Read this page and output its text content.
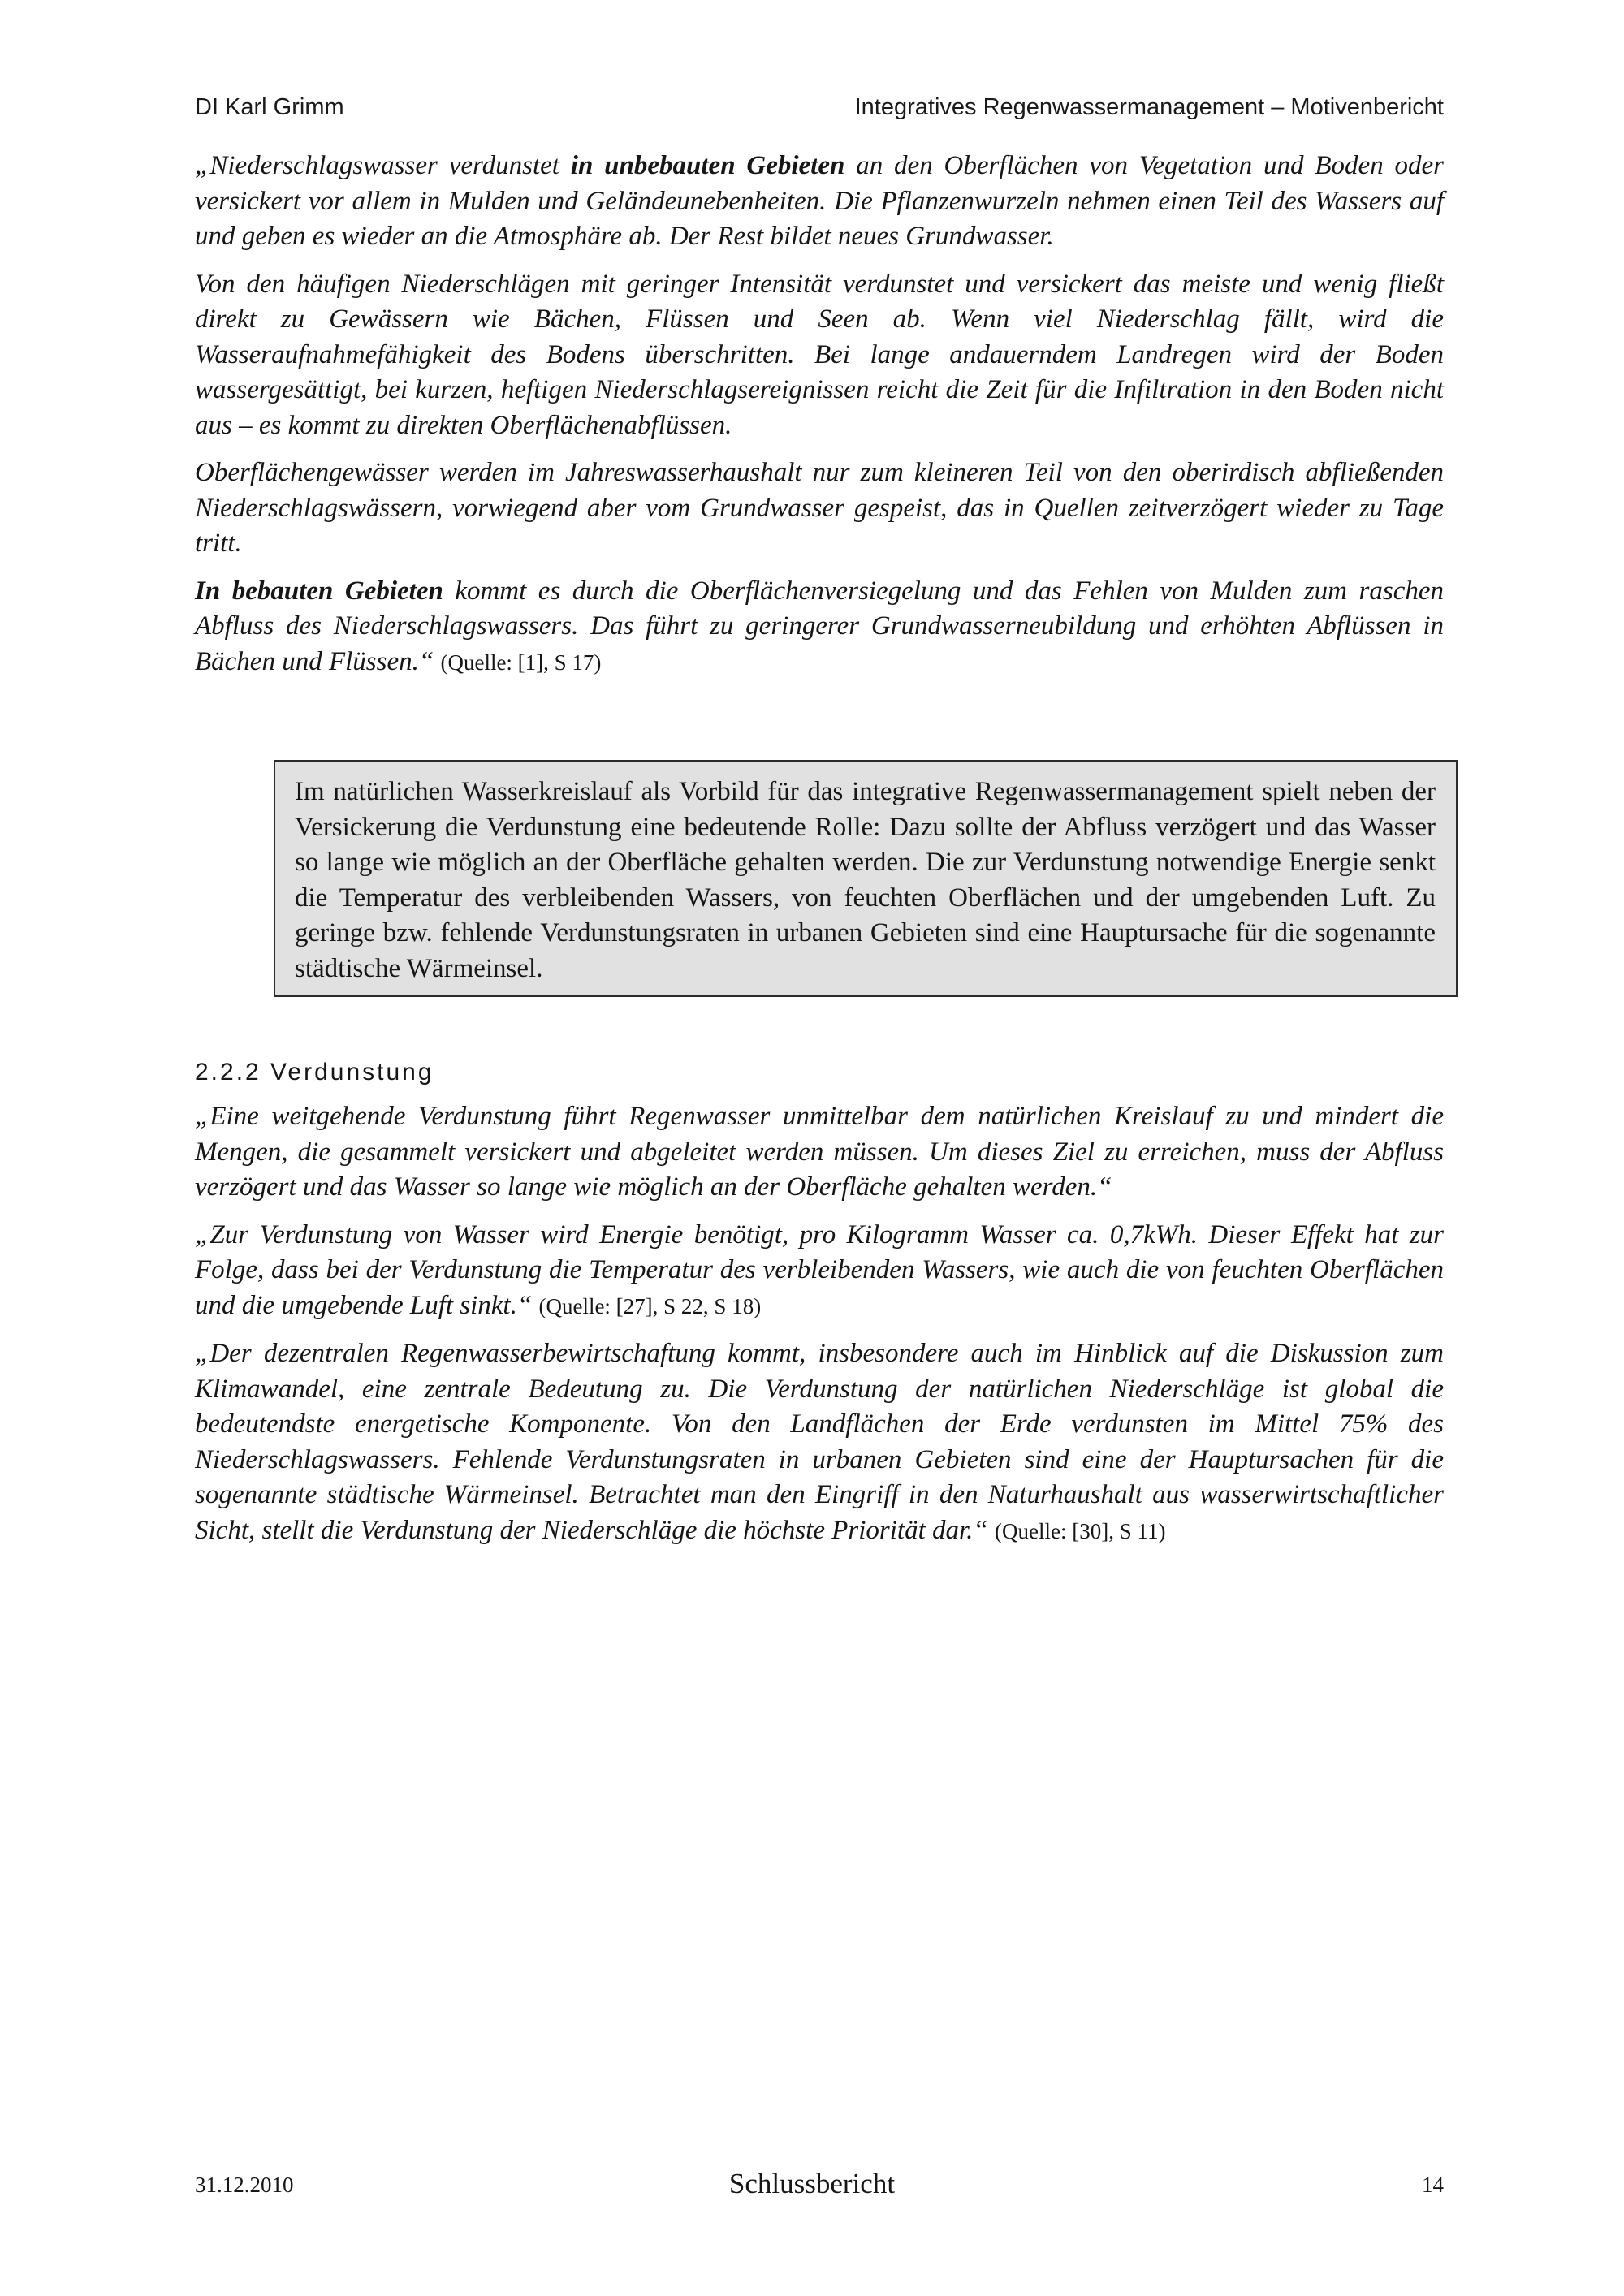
DI Karl Grimm	Integratives Regenwassermanagement – Motivenbericht

„Niederschlagswasser verdunstet in unbebauten Gebieten an den Oberflächen von Vegetation und Boden oder versickert vor allem in Mulden und Geländeunebenheiten. Die Pflanzenwurzeln nehmen einen Teil des Wassers auf und geben es wieder an die Atmosphäre ab. Der Rest bildet neues Grundwasser.

Von den häufigen Niederschlägen mit geringer Intensität verdunstet und versickert das meiste und wenig fließt direkt zu Gewässern wie Bächen, Flüssen und Seen ab. Wenn viel Niederschlag fällt, wird die Wasseraufnahmefähigkeit des Bodens überschritten. Bei lange andauerndem Landregen wird der Boden wassergesättigt, bei kurzen, heftigen Niederschlagsereignissen reicht die Zeit für die Infiltration in den Boden nicht aus – es kommt zu direkten Oberflächenabflüssen.

Oberflächengewässer werden im Jahreswasserhaushalt nur zum kleineren Teil von den oberirdisch abfließenden Niederschlagswässern, vorwiegend aber vom Grundwasser gespeist, das in Quellen zeitverzögert wieder zu Tage tritt.

In bebauten Gebieten kommt es durch die Oberflächenversiegelung und das Fehlen von Mulden zum raschen Abfluss des Niederschlagswassers. Das führt zu geringerer Grundwasserneubildung und erhöhten Abflüssen in Bächen und Flüssen.“ (Quelle: [1], S 17)

Im natürlichen Wasserkreislauf als Vorbild für das integrative Regenwassermanagement spielt neben der Versickerung die Verdunstung eine bedeutende Rolle: Dazu sollte der Abfluss verzögert und das Wasser so lange wie möglich an der Oberfläche gehalten werden. Die zur Verdunstung notwendige Energie senkt die Temperatur des verbleibenden Wassers, von feuchten Oberflächen und der umgebenden Luft. Zu geringe bzw. fehlende Verdunstungsraten in urbanen Gebieten sind eine Hauptursache für die sogenannte städtische Wärmeinsel.
2.2.2 Verdunstung

„Eine weitgehende Verdunstung führt Regenwasser unmittelbar dem natürlichen Kreislauf zu und mindert die Mengen, die gesammelt versickert und abgeleitet werden müssen. Um dieses Ziel zu erreichen, muss der Abfluss verzögert und das Wasser so lange wie möglich an der Oberfläche gehalten werden.“

„Zur Verdunstung von Wasser wird Energie benötigt, pro Kilogramm Wasser ca. 0,7kWh. Dieser Effekt hat zur Folge, dass bei der Verdunstung die Temperatur des verbleibenden Wassers, wie auch die von feuchten Oberflächen und die umgebende Luft sinkt.“ (Quelle: [27], S 22, S 18)

„Der dezentralen Regenwasserbewirtschaftung kommt, insbesondere auch im Hinblick auf die Diskussion zum Klimawandel, eine zentrale Bedeutung zu. Die Verdunstung der natürlichen Niederschläge ist global die bedeutendste energetische Komponente. Von den Landflächen der Erde verdunsten im Mittel 75% des Niederschlagswassers. Fehlende Verdunstungsraten in urbanen Gebieten sind eine der Hauptursachen für die sogenannte städtische Wärmeinsel. Betrachtet man den Eingriff in den Naturhaushalt aus wasserwirtschaftlicher Sicht, stellt die Verdunstung der Niederschläge die höchste Priorität dar.“ (Quelle: [30], S 11)

31.12.2010	Schlussbericht	14
